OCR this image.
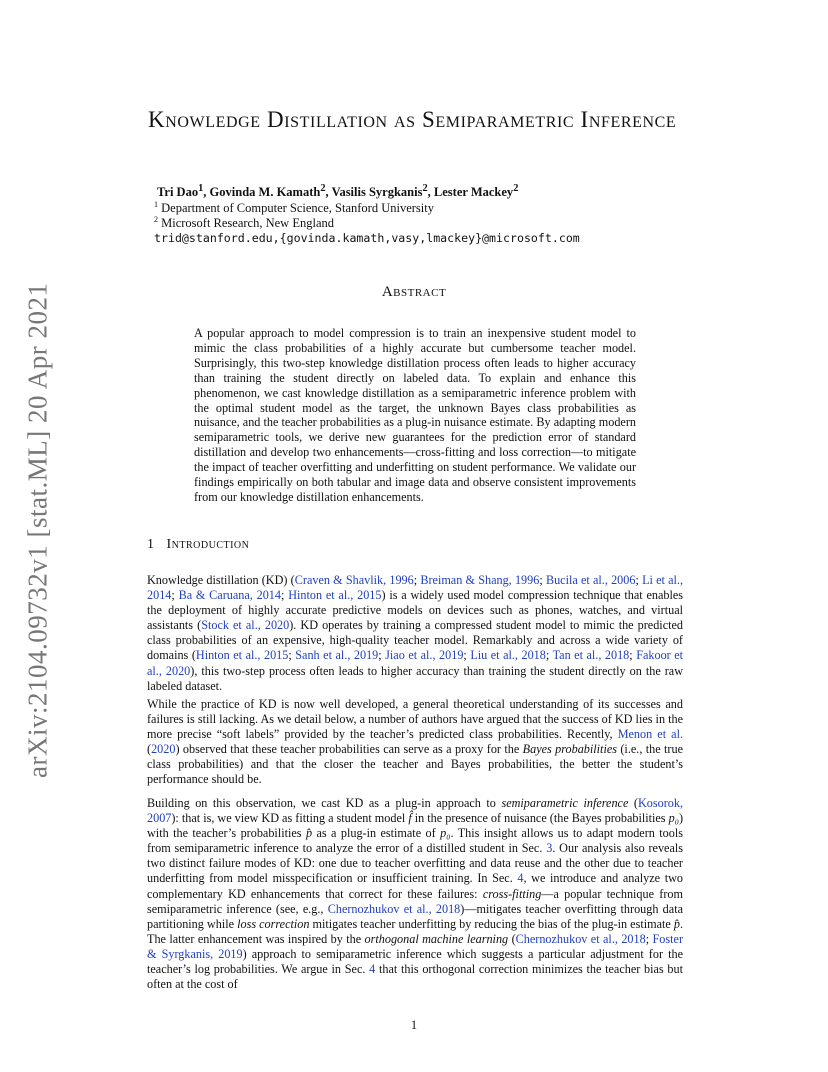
arXiv:2104.09732v1 [stat.ML] 20 Apr 2021
Knowledge Distillation as Semiparametric Inference
Tri Dao$^1$, Govinda M. Kamath$^2$, Vasilis Syrgkanis$^2$, Lester Mackey$^2$
$^1$ Department of Computer Science, Stanford University
$^2$ Microsoft Research, New England
trid@stanford.edu,{govinda.kamath,vasy,lmackey}@microsoft.com
Abstract
A popular approach to model compression is to train an inexpensive student model to mimic the class probabilities of a highly accurate but cumbersome teacher model. Surprisingly, this two-step knowledge distillation process often leads to higher accuracy than training the student directly on labeled data. To explain and enhance this phenomenon, we cast knowledge distillation as a semiparametric inference problem with the optimal student model as the target, the unknown Bayes class probabilities as nuisance, and the teacher probabilities as a plug-in nuisance estimate. By adapting modern semiparametric tools, we derive new guarantees for the prediction error of standard distillation and develop two enhancements—cross-fitting and loss correction—to mitigate the impact of teacher overfitting and underfitting on student performance. We validate our findings empirically on both tabular and image data and observe consistent improvements from our knowledge distillation enhancements.
1 Introduction
Knowledge distillation (KD) (Craven & Shavlik, 1996; Breiman & Shang, 1996; Bucila et al., 2006; Li et al., 2014; Ba & Caruana, 2014; Hinton et al., 2015) is a widely used model compression technique that enables the deployment of highly accurate predictive models on devices such as phones, watches, and virtual assistants (Stock et al., 2020). KD operates by training a compressed student model to mimic the predicted class probabilities of an expensive, high-quality teacher model. Remarkably and across a wide variety of domains (Hinton et al., 2015; Sanh et al., 2019; Jiao et al., 2019; Liu et al., 2018; Tan et al., 2018; Fakoor et al., 2020), this two-step process often leads to higher accuracy than training the student directly on the raw labeled dataset.
While the practice of KD is now well developed, a general theoretical understanding of its successes and failures is still lacking. As we detail below, a number of authors have argued that the success of KD lies in the more precise “soft labels” provided by the teacher’s predicted class probabilities. Recently, Menon et al. (2020) observed that these teacher probabilities can serve as a proxy for the Bayes probabilities (i.e., the true class probabilities) and that the closer the teacher and Bayes probabilities, the better the student’s performance should be.
Building on this observation, we cast KD as a plug-in approach to semiparametric inference (Kosorok, 2007): that is, we view KD as fitting a student model f̂ in the presence of nuisance (the Bayes probabilities p₀) with the teacher’s probabilities p̂ as a plug-in estimate of p₀. This insight allows us to adapt modern tools from semiparametric inference to analyze the error of a distilled student in Sec. 3. Our analysis also reveals two distinct failure modes of KD: one due to teacher overfitting and data reuse and the other due to teacher underfitting from model misspecification or insufficient training. In Sec. 4, we introduce and analyze two complementary KD enhancements that correct for these failures: cross-fitting—a popular technique from semiparametric inference (see, e.g., Chernozhukov et al., 2018)—mitigates teacher overfitting through data partitioning while loss correction mitigates teacher underfitting by reducing the bias of the plug-in estimate p̂. The latter enhancement was inspired by the orthogonal machine learning (Chernozhukov et al., 2018; Foster & Syrgkanis, 2019) approach to semiparametric inference which suggests a particular adjustment for the teacher’s log probabilities. We argue in Sec. 4 that this orthogonal correction minimizes the teacher bias but often at the cost of
1
